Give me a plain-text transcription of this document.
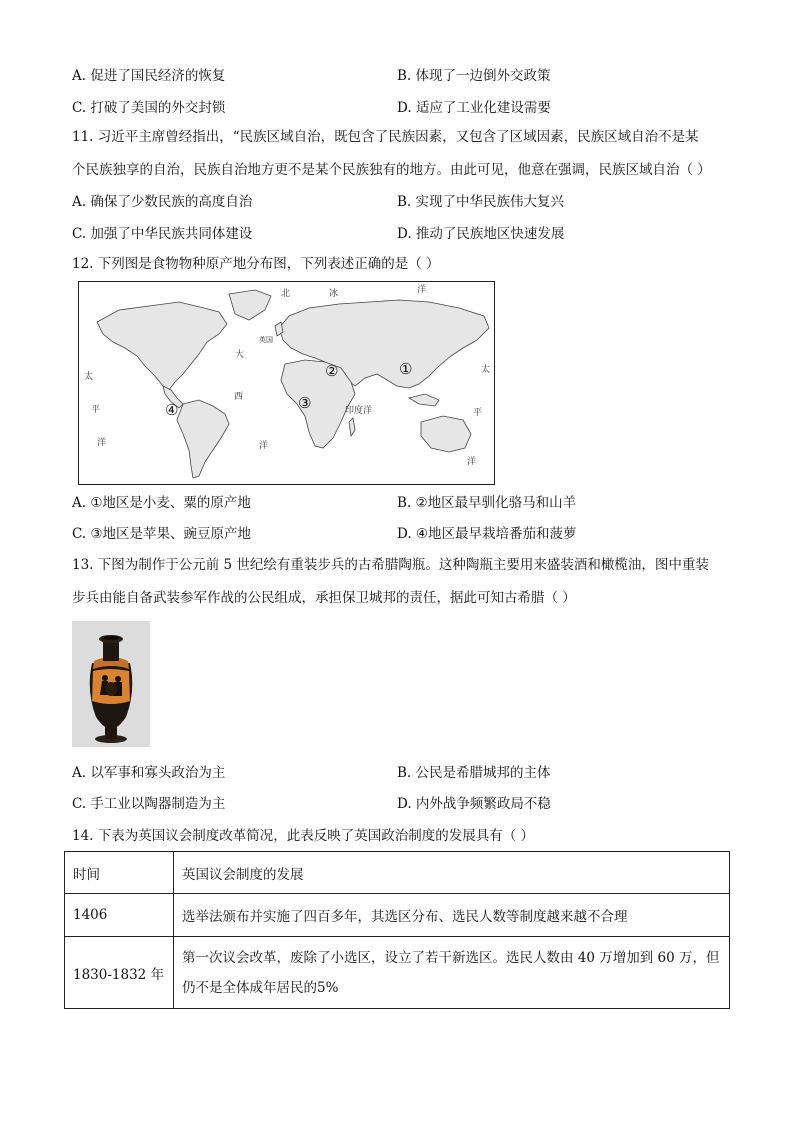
A. 促进了国民经济的恢复	B. 体现了一边倒外交政策
C. 打破了美国的外交封锁	D. 适应了工业化建设需要
11. 习近平主席曾经指出，“民族区域自治，既包含了民族因素，又包含了区域因素，民族区域自治不是某
个民族独享的自治，民族自治地方更不是某个民族独有的地方。由此可见，他意在强调，民族区域自治（ ）
A. 确保了少数民族的高度自治	B. 实现了中华民族伟大复兴
C. 加强了中华民族共同体建设	D. 推动了民族地区快速发展
12. 下列图是食物物种原产地分布图，下列表述正确的是（ ）
北	冰	洋
大
西
洋
太
平
洋
太
平
洋
印度洋
英国
①
②
③
④
A. ①地区是小麦、粟的原产地	B. ②地区最早驯化骆马和山羊
C. ③地区是苹果、豌豆原产地	D. ④地区最早栽培番茄和菠萝
13. 下图为制作于公元前 5 世纪绘有重装步兵的古希腊陶瓶。这种陶瓶主要用来盛装酒和橄榄油，图中重装
步兵由能自备武装参军作战的公民组成，承担保卫城邦的责任，据此可知古希腊（ ）
A. 以军事和寡头政治为主	B. 公民是希腊城邦的主体
C. 手工业以陶器制造为主	D. 内外战争频繁政局不稳
14. 下表为英国议会制度改革简况，此表反映了英国政治制度的发展具有（ ）
时间	英国议会制度的发展
1406	选举法颁布并实施了四百多年，其选区分布、选民人数等制度越来越不合理
1830-1832 年	第一次议会改革，废除了小选区，设立了若干新选区。选民人数由 40 万增加到 60 万，但
仍不是全体成年居民的5%
